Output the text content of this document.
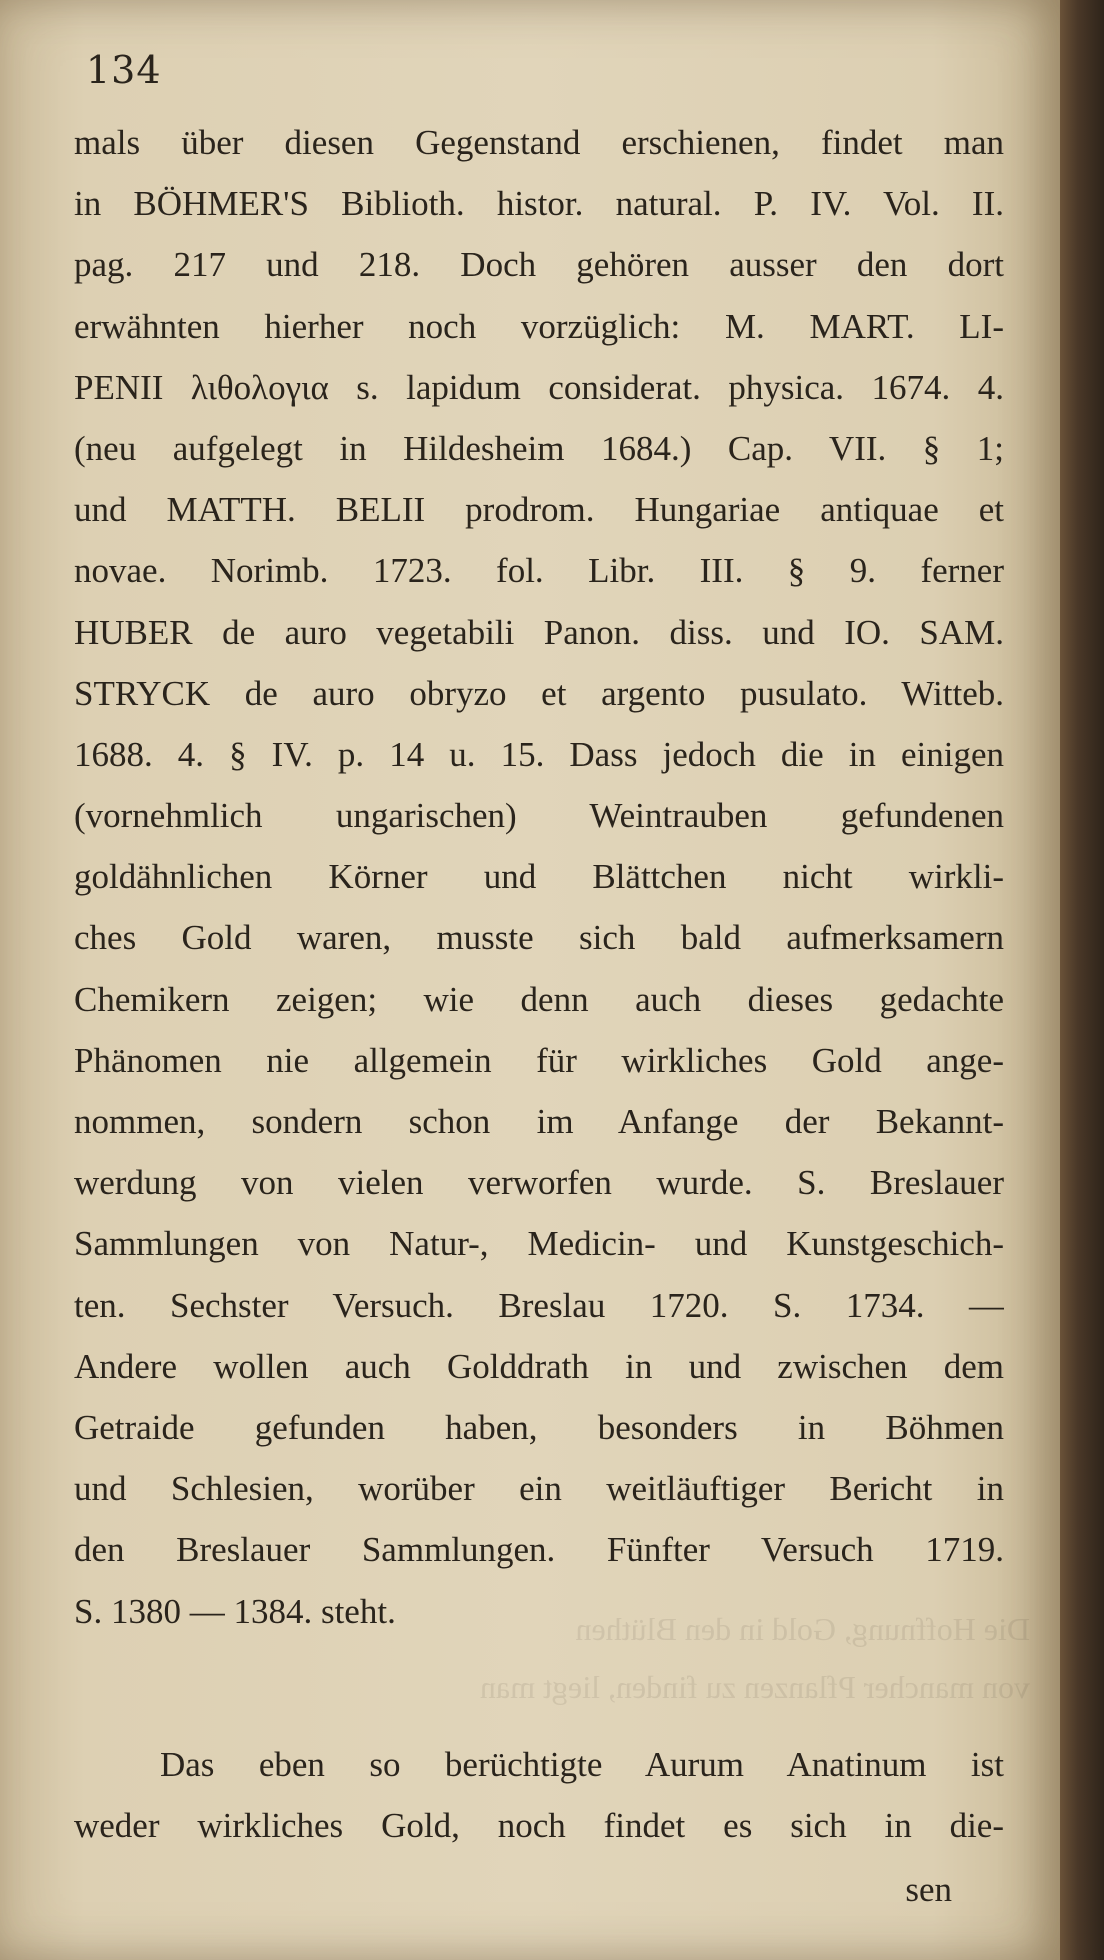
Die Hoffnung, Gold in den Blüthen
von mancher Pflanzen zu finden, liegt man
134
mals über diesen Gegenstand erschienen, findet man
in BÖHMER'S Biblioth. histor. natural. P. IV. Vol. II.
pag. 217 und 218. Doch gehören ausser den dort
erwähnten hierher noch vorzüglich: M. MART. LI-
PENII λιθολογια s. lapidum considerat. physica. 1674. 4.
(neu aufgelegt in Hildesheim 1684.) Cap. VII. § 1;
und MATTH. BELII prodrom. Hungariae antiquae et
novae. Norimb. 1723. fol. Libr. III. § 9. ferner
HUBER de auro vegetabili Panon. diss. und IO. SAM.
STRYCK de auro obryzo et argento pusulato. Witteb.
1688. 4. § IV. p. 14 u. 15. Dass jedoch die in einigen
(vornehmlich ungarischen) Weintrauben gefundenen
goldähnlichen Körner und Blättchen nicht wirkli-
ches Gold waren, musste sich bald aufmerksamern
Chemikern zeigen; wie denn auch dieses gedachte
Phänomen nie allgemein für wirkliches Gold ange-
nommen, sondern schon im Anfange der Bekannt-
werdung von vielen verworfen wurde. S. Breslauer
Sammlungen von Natur-, Medicin- und Kunstgeschich-
ten. Sechster Versuch. Breslau 1720. S. 1734. —
Andere wollen auch Golddrath in und zwischen dem
Getraide gefunden haben, besonders in Böhmen
und Schlesien, worüber ein weitläuftiger Bericht in
den Breslauer Sammlungen. Fünfter Versuch 1719.
S. 1380 — 1384. steht.
Das eben so berüchtigte Aurum Anatinum ist
weder wirkliches Gold, noch findet es sich in die-
sen
